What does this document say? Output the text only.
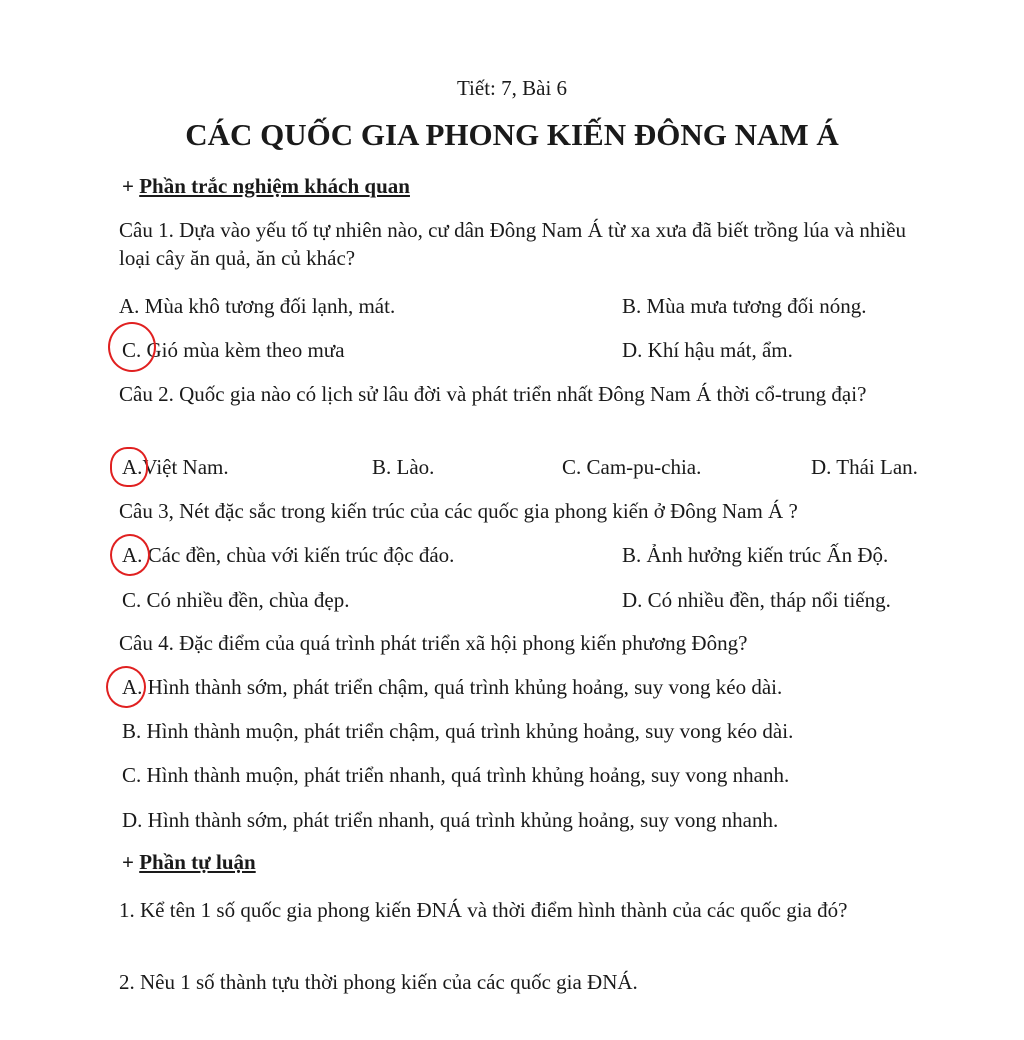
Tiết: 7, Bài 6
CÁC QUỐC GIA PHONG KIẾN ĐÔNG NAM Á
+ Phần trắc nghiệm khách quan
Câu 1. Dựa vào yếu tố tự nhiên nào, cư dân Đông Nam Á từ xa xưa đã biết trồng lúa và nhiều loại cây ăn quả, ăn củ khác?
A. Mùa khô tương đối lạnh, mát.	B. Mùa mưa tương đối nóng.
C. Gió mùa kèm theo mưa	D. Khí hậu mát, ẩm.
Câu 2. Quốc gia nào có lịch sử lâu đời và phát triển nhất Đông Nam Á thời cổ-trung đại?
A.Việt Nam.	B. Lào.	C. Cam-pu-chia.	D. Thái Lan.
Câu 3, Nét đặc sắc trong kiến trúc của các quốc gia phong kiến ở Đông Nam Á ?
A. Các đền, chùa với kiến trúc độc đáo.	B. Ảnh hưởng kiến trúc Ấn Độ.
C. Có nhiều đền, chùa đẹp.	D. Có nhiều đền, tháp nổi tiếng.
Câu 4. Đặc điểm của quá trình phát triển xã hội phong kiến phương Đông?
A. Hình thành sớm, phát triển chậm, quá trình khủng hoảng, suy vong kéo dài.
B. Hình thành muộn, phát triển chậm, quá trình khủng hoảng, suy vong kéo dài.
C. Hình thành muộn, phát triển nhanh, quá trình khủng hoảng, suy vong nhanh.
D. Hình thành sớm, phát triển nhanh, quá trình khủng hoảng, suy vong nhanh.
+ Phần tự luận
1. Kể tên 1 số quốc gia phong kiến ĐNÁ và thời điểm hình thành của các quốc gia đó?
2. Nêu 1 số thành tựu thời phong kiến của các quốc gia ĐNÁ.
